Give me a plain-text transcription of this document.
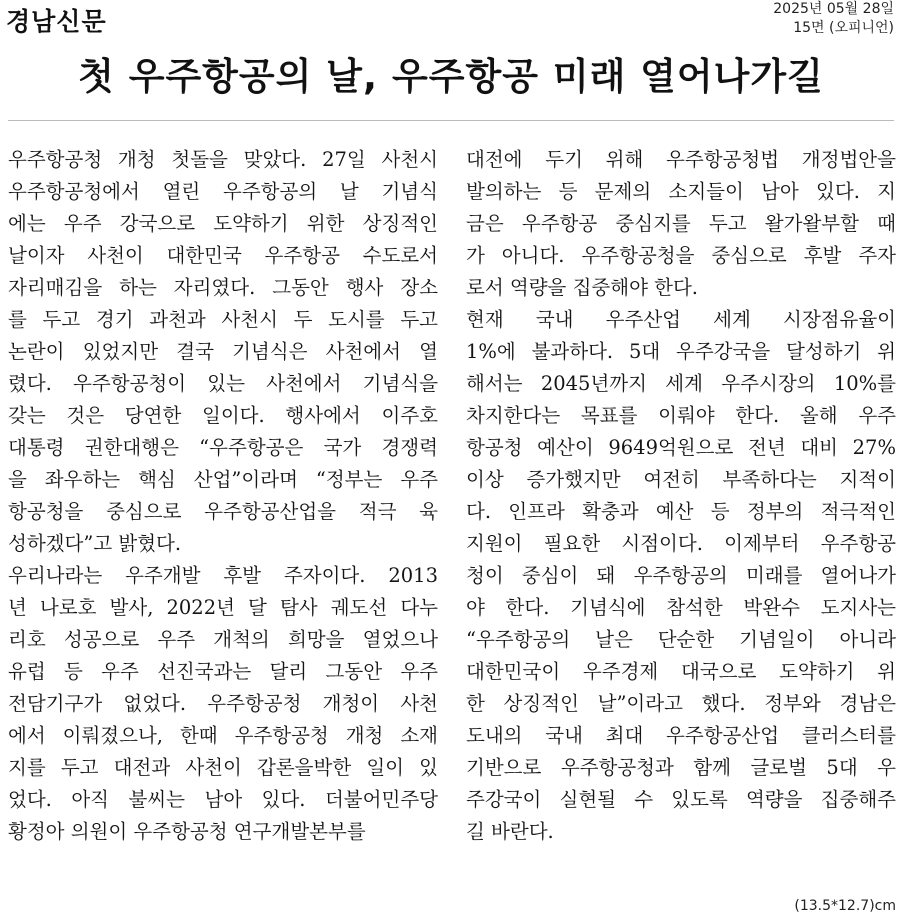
경남신문	2025년 05월 28일
15면 (오피니언)
첫 우주항공의 날, 우주항공 미래 열어나가길
우주항공청 개청 첫돌을 맞았다. 27일 사천시
우주항공청에서 열린 우주항공의 날 기념식
에는 우주 강국으로 도약하기 위한 상징적인
날이자 사천이 대한민국 우주항공 수도로서
자리매김을 하는 자리였다. 그동안 행사 장소
를 두고 경기 과천과 사천시 두 도시를 두고
논란이 있었지만 결국 기념식은 사천에서 열
렸다. 우주항공청이 있는 사천에서 기념식을
갖는 것은 당연한 일이다. 행사에서 이주호
대통령 권한대행은 “우주항공은 국가 경쟁력
을 좌우하는 핵심 산업”이라며 “정부는 우주
항공청을 중심으로 우주항공산업을 적극 육
성하겠다”고 밝혔다.
우리나라는 우주개발 후발 주자이다. 2013
년 나로호 발사, 2022년 달 탐사 궤도선 다누
리호 성공으로 우주 개척의 희망을 열었으나
유럽 등 우주 선진국과는 달리 그동안 우주
전담기구가 없었다. 우주항공청 개청이 사천
에서 이뤄졌으나, 한때 우주항공청 개청 소재
지를 두고 대전과 사천이 갑론을박한 일이 있
었다. 아직 불씨는 남아 있다. 더불어민주당
황정아 의원이 우주항공청 연구개발본부를
대전에 두기 위해 우주항공청법 개정법안을
발의하는 등 문제의 소지들이 남아 있다. 지
금은 우주항공 중심지를 두고 왈가왈부할 때
가 아니다. 우주항공청을 중심으로 후발 주자
로서 역량을 집중해야 한다.
현재 국내 우주산업 세계 시장점유율이
1%에 불과하다. 5대 우주강국을 달성하기 위
해서는 2045년까지 세계 우주시장의 10%를
차지한다는 목표를 이뤄야 한다. 올해 우주
항공청 예산이 9649억원으로 전년 대비 27%
이상 증가했지만 여전히 부족하다는 지적이
다. 인프라 확충과 예산 등 정부의 적극적인
지원이 필요한 시점이다. 이제부터 우주항공
청이 중심이 돼 우주항공의 미래를 열어나가
야 한다. 기념식에 참석한 박완수 도지사는
“우주항공의 날은 단순한 기념일이 아니라
대한민국이 우주경제 대국으로 도약하기 위
한 상징적인 날”이라고 했다. 정부와 경남은
도내의 국내 최대 우주항공산업 클러스터를
기반으로 우주항공청과 함께 글로벌 5대 우
주강국이 실현될 수 있도록 역량을 집중해주
길 바란다.
(13.5*12.7)cm
